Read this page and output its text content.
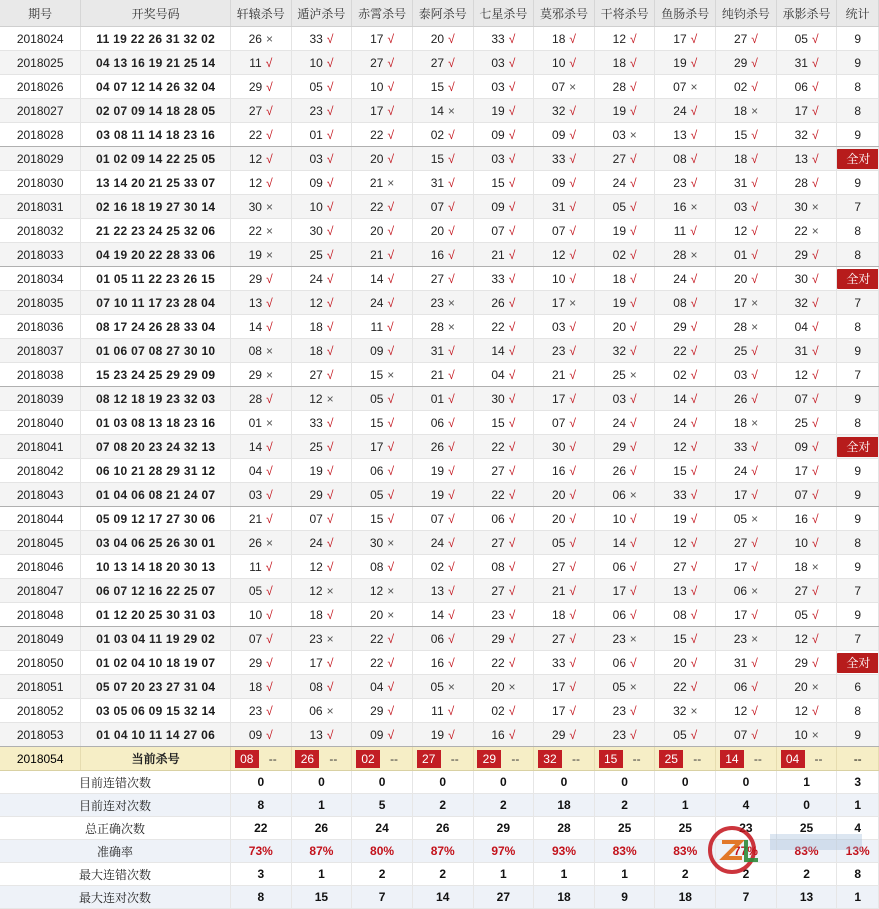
期号	开奖号码	轩辕杀号	遁泸杀号	赤霄杀号	泰阿杀号	七星杀号	莫邪杀号	干将杀号	鱼肠杀号	纯钧杀号	承影杀号	统计
2018024	11 19 22 26 31 32 02	26 ×	33 √	17 √	20 √	33 √	18 √	12 √	17 √	27 √	05 √	9
2018025	04 13 16 19 21 25 14	11 √	10 √	27 √	27 √	03 √	10 √	18 √	19 √	29 √	31 √	9
2018026	04 07 12 14 26 32 04	29 √	05 √	10 √	15 √	03 √	07 ×	28 √	07 ×	02 √	06 √	8
2018027	02 07 09 14 18 28 05	27 √	23 √	17 √	14 ×	19 √	32 √	19 √	24 √	18 ×	17 √	8
2018028	03 08 11 14 18 23 16	22 √	01 √	22 √	02 √	09 √	09 √	03 ×	13 √	15 √	32 √	9
2018029	01 02 09 14 22 25 05	12 √	03 √	20 √	15 √	03 √	33 √	27 √	08 √	18 √	13 √	全对
2018030	13 14 20 21 25 33 07	12 √	09 √	21 ×	31 √	15 √	09 √	24 √	23 √	31 √	28 √	9
2018031	02 16 18 19 27 30 14	30 ×	10 √	22 √	07 √	09 √	31 √	05 √	16 ×	03 √	30 ×	7
2018032	21 22 23 24 25 32 06	22 ×	30 √	20 √	20 √	07 √	07 √	19 √	11 √	12 √	22 ×	8
2018033	04 19 20 22 28 33 06	19 ×	25 √	21 √	16 √	21 √	12 √	02 √	28 ×	01 √	29 √	8
2018034	01 05 11 22 23 26 15	29 √	24 √	14 √	27 √	33 √	10 √	18 √	24 √	20 √	30 √	全对
2018035	07 10 11 17 23 28 04	13 √	12 √	24 √	23 ×	26 √	17 ×	19 √	08 √	17 ×	32 √	7
2018036	08 17 24 26 28 33 04	14 √	18 √	11 √	28 ×	22 √	03 √	20 √	29 √	28 ×	04 √	8
2018037	01 06 07 08 27 30 10	08 ×	18 √	09 √	31 √	14 √	23 √	32 √	22 √	25 √	31 √	9
2018038	15 23 24 25 29 29 09	29 ×	27 √	15 ×	21 √	04 √	21 √	25 ×	02 √	03 √	12 √	7
2018039	08 12 18 19 23 32 03	28 √	12 ×	05 √	01 √	30 √	17 √	03 √	14 √	26 √	07 √	9
2018040	01 03 08 13 18 23 16	01 ×	33 √	15 √	06 √	15 √	07 √	24 √	24 √	18 ×	25 √	8
2018041	07 08 20 23 24 32 13	14 √	25 √	17 √	26 √	22 √	30 √	29 √	12 √	33 √	09 √	全对
2018042	06 10 21 28 29 31 12	04 √	19 √	06 √	19 √	27 √	16 √	26 √	15 √	24 √	17 √	9
2018043	01 04 06 08 21 24 07	03 √	29 √	05 √	19 √	22 √	20 √	06 ×	33 √	17 √	07 √	9
2018044	05 09 12 17 27 30 06	21 √	07 √	15 √	07 √	06 √	20 √	10 √	19 √	05 ×	16 √	9
2018045	03 04 06 25 26 30 01	26 ×	24 √	30 ×	24 √	27 √	05 √	14 √	12 √	27 √	10 √	8
2018046	10 13 14 18 20 30 13	11 √	12 √	08 √	02 √	08 √	27 √	06 √	27 √	17 √	18 ×	9
2018047	06 07 12 16 22 25 07	05 √	12 ×	12 ×	13 √	27 √	21 √	17 √	13 √	06 ×	27 √	7
2018048	01 12 20 25 30 31 03	10 √	18 √	20 ×	14 √	23 √	18 √	06 √	08 √	17 √	05 √	9
2018049	01 03 04 11 19 29 02	07 √	23 ×	22 √	06 √	29 √	27 √	23 ×	15 √	23 ×	12 √	7
2018050	01 02 04 10 18 19 07	29 √	17 √	22 √	16 √	22 √	33 √	06 √	20 √	31 √	29 √	全对
2018051	05 07 20 23 27 31 04	18 √	08 √	04 √	05 ×	20 ×	17 √	05 ×	22 √	06 √	20 ×	6
2018052	03 05 06 09 15 32 14	23 √	06 ×	29 √	11 √	02 √	17 √	23 √	32 ×	12 √	12 √	8
2018053	01 04 10 11 14 27 06	09 √	13 √	09 √	19 √	16 √	29 √	23 √	05 √	07 √	10 ×	9
2018054	当前杀号	08 --	26 --	02 --	27 --	29 --	32 --	15 --	25 --	14 --	04 --	--
目前连错次数		0	0	0	0	0	0	0	0	0	1	3
目前连对次数		8	1	5	2	2	18	2	1	4	0	1
总正确次数		22	26	24	26	29	28	25	25	23	25	4
准确率		73%	87%	80%	87%	97%	93%	83%	83%	77%	83%	13%
最大连错次数		3	1	2	2	1	1	1	2	2	2	8
最大连对次数		8	15	7	14	27	18	9	18	7	13	1
